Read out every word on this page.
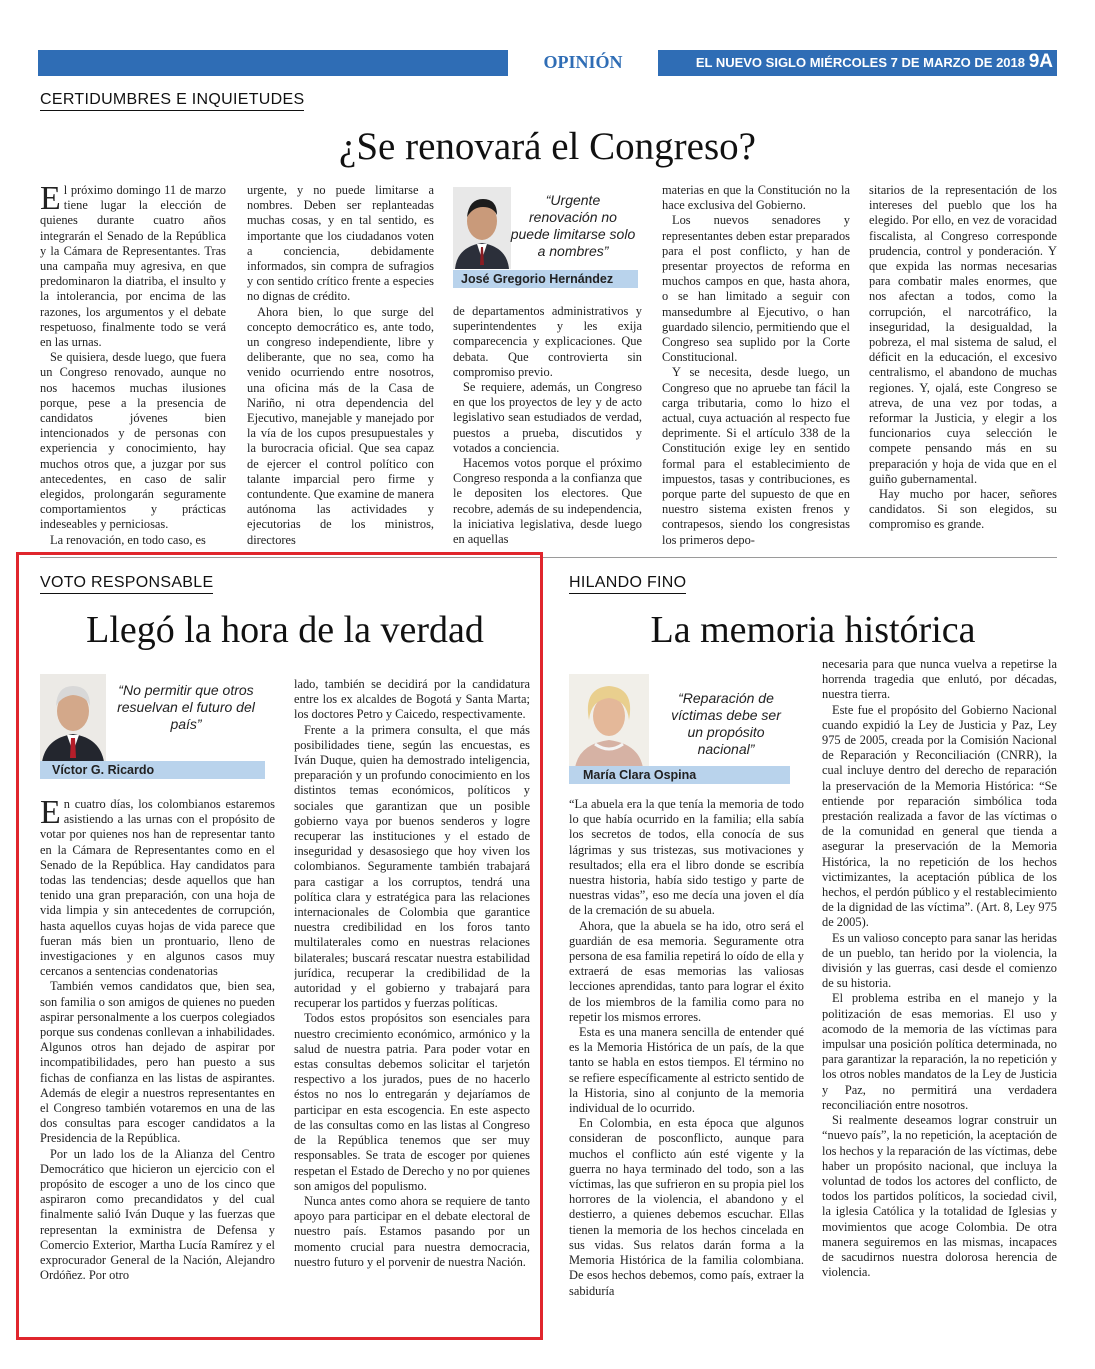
OPINIÓN	EL NUEVO SIGLO MIÉRCOLES 7 DE MARZO DE 2018 9A
CERTIDUMBRES E INQUIETUDES
¿Se renovará el Congreso?

El próximo domingo 11 de marzo tiene lugar la elección de quienes durante cuatro años integrarán el Senado de la República y la Cámara de Representantes. Tras una campaña muy agresiva, en que predominaron la diatriba, el insulto y la intolerancia, por encima de las razones, los argumentos y el debate respetuoso, finalmente todo se verá en las urnas.

Se quisiera, desde luego, que fuera un Congreso renovado, aunque no nos hacemos muchas ilusiones porque, pese a la presencia de candidatos jóvenes bien intencionados y de personas con experiencia y conocimiento, hay muchos otros que, a juzgar por sus antecedentes, en caso de salir elegidos, prolongarán seguramente comportamientos y prácticas indeseables y perniciosas.

La renovación, en todo caso, es

urgente, y no puede limitarse a nombres. Deben ser replanteadas muchas cosas, y en tal sentido, es importante que los ciudadanos voten a conciencia, debidamente informados, sin compra de sufragios y con sentido crítico frente a especies no dignas de crédito.

Ahora bien, lo que surge del concepto democrático es, ante todo, un congreso independiente, libre y deliberante, que no sea, como ha venido ocurriendo entre nosotros, una oficina más de la Casa de Nariño, ni otra dependencia del Ejecutivo, manejable y manejado por la vía de los cupos presupuestales y la burocracia oficial. Que sea capaz de ejercer el control político con talante imparcial pero firme y contundente. Que examine de manera autónoma las actividades y ejecutorias de los ministros, directores

“Urgente renovación no puede limitarse solo a nombres”
José Gregorio Hernández

de departamentos administrativos y superintendentes y les exija comparecencia y explicaciones. Que debata. Que controvierta sin compromiso previo.

Se requiere, además, un Congreso en que los proyectos de ley y de acto legislativo sean estudiados de verdad, puestos a prueba, discutidos y votados a conciencia.

Hacemos votos porque el próximo Congreso responda a la confianza que le depositen los electores. Que recobre, además de su independencia, la iniciativa legislativa, desde luego en aquellas

materias en que la Constitución no la hace exclusiva del Gobierno.

Los nuevos senadores y representantes deben estar preparados para el post conflicto, y han de presentar proyectos de reforma en muchos campos en que, hasta ahora, o se han limitado a seguir con mansedumbre al Ejecutivo, o han guardado silencio, permitiendo que el Congreso sea suplido por la Corte Constitucional.

Y se necesita, desde luego, un Congreso que no apruebe tan fácil la carga tributaria, como lo hizo el actual, cuya actuación al respecto fue deprimente. Si el artículo 338 de la Constitución exige ley en sentido formal para el establecimiento de impuestos, tasas y contribuciones, es porque parte del supuesto de que en nuestro sistema existen frenos y contrapesos, siendo los congresistas los primeros depo-

sitarios de la representación de los intereses del pueblo que los ha elegido. Por ello, en vez de voracidad fiscalista, al Congreso corresponde prudencia, control y ponderación. Y que expida las normas necesarias para combatir males enormes, que nos afectan a todos, como la corrupción, el narcotráfico, la inseguridad, la desigualdad, la pobreza, el mal sistema de salud, el déficit en la educación, el excesivo centralismo, el abandono de muchas regiones. Y, ojalá, este Congreso se atreva, de una vez por todas, a reformar la Justicia, y elegir a los funcionarios cuya selección le compete pensando más en su preparación y hoja de vida que en el guiño gubernamental.

Hay mucho por hacer, señores candidatos. Si son elegidos, su compromiso es grande.

VOTO RESPONSABLE
Llegó la hora de la verdad
“No permitir que otros resuelvan el futuro del país”
Víctor G. Ricardo

En cuatro días, los colombianos estaremos asistiendo a las urnas con el propósito de votar por quienes nos han de representar tanto en la Cámara de Representantes como en el Senado de la República. Hay candidatos para todas las tendencias; desde aquellos que han tenido una gran preparación, con una hoja de vida limpia y sin antecedentes de corrupción, hasta aquellos cuyas hojas de vida parece que fueran más bien un prontuario, lleno de investigaciones y en algunos casos muy cercanos a sentencias condenatorias

También vemos candidatos que, bien sea, son familia o son amigos de quienes no pueden aspirar personalmente a los cuerpos colegiados porque sus condenas conllevan a inhabilidades. Algunos otros han dejado de aspirar por incompatibilidades, pero han puesto a sus fichas de confianza en las listas de aspirantes. Además de elegir a nuestros representantes en el Congreso también votaremos en una de las dos consultas para escoger candidatos a la Presidencia de la República.

Por un lado los de la Alianza del Centro Democrático que hicieron un ejercicio con el propósito de escoger a uno de los cinco que aspiraron como precandidatos y del cual finalmente salió Iván Duque y las fuerzas que representan la exministra de Defensa y Comercio Exterior, Martha Lucía Ramírez y el exprocurador General de la Nación, Alejandro Ordóñez. Por otro

lado, también se decidirá por la candidatura entre los ex alcaldes de Bogotá y Santa Marta; los doctores Petro y Caicedo, respectivamente.

Frente a la primera consulta, el que más posibilidades tiene, según las encuestas, es Iván Duque, quien ha demostrado inteligencia, preparación y un profundo conocimiento en los distintos temas económicos, políticos y sociales que garantizan que un posible gobierno vaya por buenos senderos y logre recuperar las instituciones y el estado de inseguridad y desasosiego que hoy viven los colombianos. Seguramente también trabajará para castigar a los corruptos, tendrá una política clara y estratégica para las relaciones internacionales de Colombia que garantice nuestra credibilidad en los foros tanto multilaterales como en nuestras relaciones bilaterales; buscará rescatar nuestra estabilidad jurídica, recuperar la credibilidad de la autoridad y el gobierno y trabajará para recuperar los partidos y fuerzas políticas.

Todos estos propósitos son esenciales para nuestro crecimiento económico, armónico y la salud de nuestra patria. Para poder votar en estas consultas debemos solicitar el tarjetón respectivo a los jurados, pues de no hacerlo éstos no nos lo entregarán y dejaríamos de participar en esta escogencia. En este aspecto de las consultas como en las listas al Congreso de la República tenemos que ser muy responsables. Se trata de escoger por quienes respetan el Estado de Derecho y no por quienes son amigos del populismo.

Nunca antes como ahora se requiere de tanto apoyo para participar en el debate electoral de nuestro país. Estamos pasando por un momento crucial para nuestra democracia, nuestro futuro y el porvenir de nuestra Nación.

HILANDO FINO
La memoria histórica
“Reparación de víctimas debe ser un propósito nacional”
María Clara Ospina

“La abuela era la que tenía la memoria de todo lo que había ocurrido en la familia; ella sabía los secretos de todos, ella conocía de sus lágrimas y sus tristezas, sus motivaciones y resultados; ella era el libro donde se escribía nuestra historia, había sido testigo y parte de nuestras vidas”, eso me decía una joven el día de la cremación de su abuela.

Ahora, que la abuela se ha ido, otro será el guardián de esa memoria. Seguramente otra persona de esa familia repetirá lo oído de ella y extraerá de esas memorias las valiosas lecciones aprendidas, tanto para lograr el éxito de los miembros de la familia como para no repetir los mismos errores.

Esta es una manera sencilla de entender qué es la Memoria Histórica de un país, de la que tanto se habla en estos tiempos. El término no se refiere específicamente al estricto sentido de la Historia, sino al conjunto de la memoria individual de lo ocurrido.

En Colombia, en esta época que algunos consideran de posconflicto, aunque para muchos el conflicto aún esté vigente y la guerra no haya terminado del todo, son a las víctimas, las que sufrieron en su propia piel los horrores de la violencia, el abandono y el destierro, a quienes debemos escuchar. Ellas tienen la memoria de los hechos cincelada en sus vidas. Sus relatos darán forma a la Memoria Histórica de la familia colombiana. De esos hechos debemos, como país, extraer la sabiduría

necesaria para que nunca vuelva a repetirse la horrenda tragedia que enlutó, por décadas, nuestra tierra.

Este fue el propósito del Gobierno Nacional cuando expidió la Ley de Justicia y Paz, Ley 975 de 2005, creada por la Comisión Nacional de Reparación y Reconciliación (CNRR), la cual incluye dentro del derecho de reparación la preservación de la Memoria Histórica: “Se entiende por reparación simbólica toda prestación realizada a favor de las víctimas o de la comunidad en general que tienda a asegurar la preservación de la Memoria Histórica, la no repetición de los hechos victimizantes, la aceptación pública de los hechos, el perdón público y el restablecimiento de la dignidad de las víctima”. (Art. 8, Ley 975 de 2005).

Es un valioso concepto para sanar las heridas de un pueblo, tan herido por la violencia, la división y las guerras, casi desde el comienzo de su historia.

El problema estriba en el manejo y la politización de esas memorias. El uso y acomodo de la memoria de las víctimas para impulsar una posición política determinada, no para garantizar la reparación, la no repetición y los otros nobles mandatos de la Ley de Justicia y Paz, no permitirá una verdadera reconciliación entre nosotros.

Si realmente deseamos lograr construir un “nuevo país”, la no repetición, la aceptación de los hechos y la reparación de las víctimas, debe haber un propósito nacional, que incluya la voluntad de todos los actores del conflicto, de todos los partidos políticos, la sociedad civil, la iglesia Católica y la totalidad de Iglesias y movimientos que acoge Colombia. De otra manera seguiremos en las mismas, incapaces de sacudirnos nuestra dolorosa herencia de violencia.
